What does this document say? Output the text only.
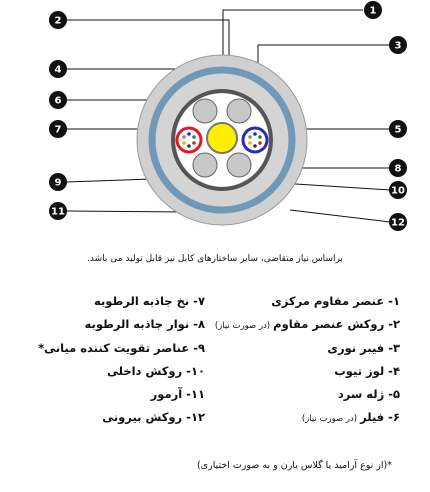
1
2
3
4
5
6
7
8
9
10
11
12
براساس نیاز متقاضی، سایر ساختارهای کابل نیز قابل تولید می باشد.
۱- عنصر مقاوم مرکزی
۲- روکش عنصر مقاوم(در صورت نیاز)
۳- فیبر نوری
۴- لوز تیوب
۵- ژله سرد
۶- فیلر(در صورت نیاز)
۷- نخ جاذبه الرطوبه
۸- نوار جاذبه الرطوبه
۹- عناصر تقویت کننده میانی*
۱۰- روکش داخلی
۱۱- آرمور
۱۲- روکش بیرونی
*(از نوع آرامید یا گلاس یارن و به صورت اختیاری)
